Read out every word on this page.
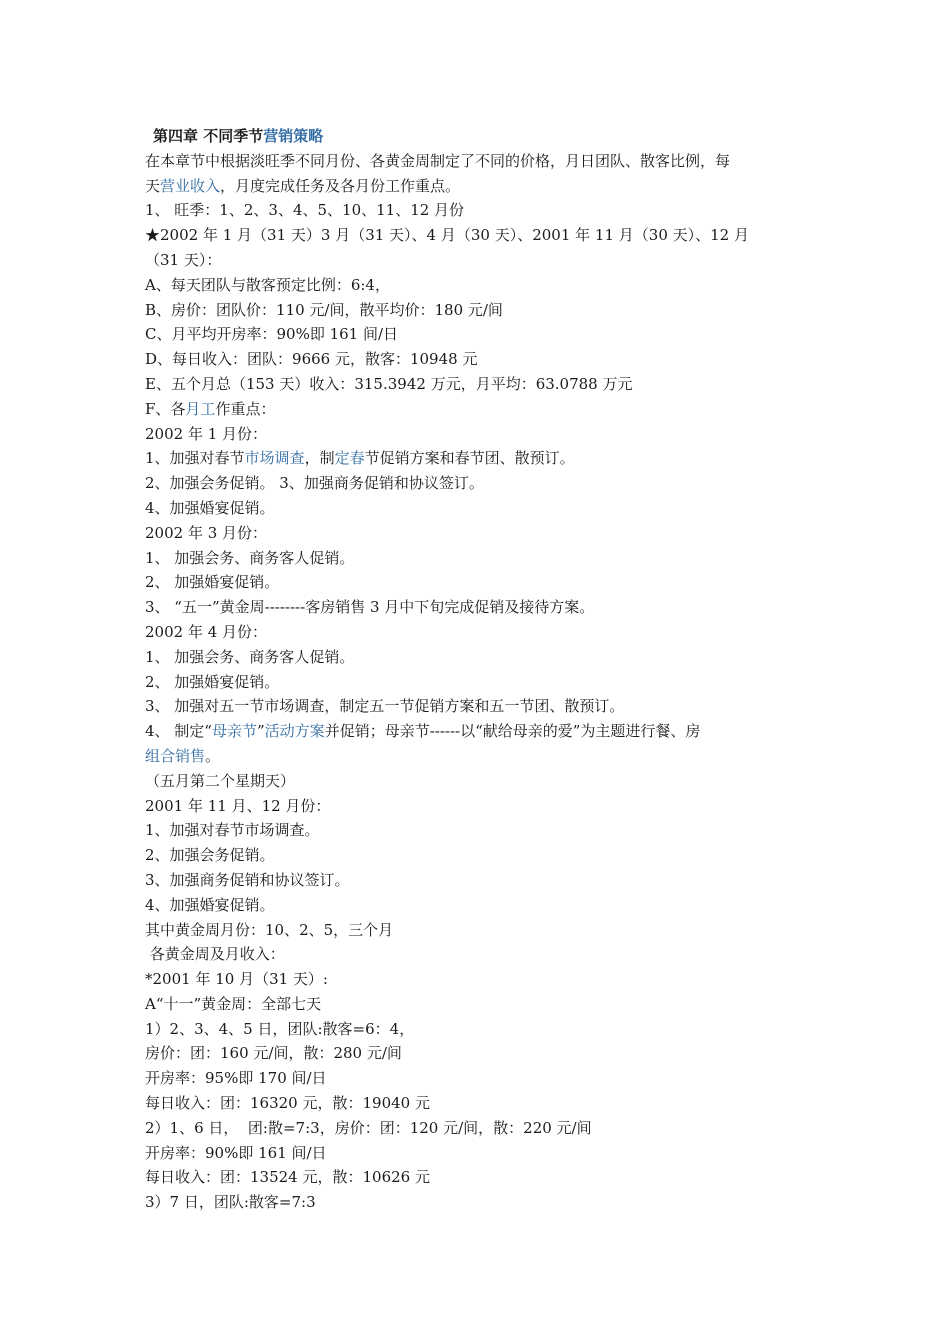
第四章 不同季节营销策略
在本章节中根据淡旺季不同月份、各黄金周制定了不同的价格，月日团队、散客比例，每
天营业收入，月度完成任务及各月份工作重点。
1、 旺季：1、2、3、4、5、10、11、12 月份
★2002 年 1 月（31 天）3 月（31 天）、4 月（30 天）、2001 年 11 月（30 天）、12 月
（31 天）：
A、每天团队与散客预定比例：6:4，
B、房价：团队价：110 元/间，散平均价：180 元/间
C、月平均开房率：90%即 161 间/日
D、每日收入：团队：9666 元，散客：10948 元
E、五个月总（153 天）收入：315.3942 万元，月平均：63.0788 万元
F、各月工作重点：
2002 年 1 月份：
1、加强对春节市场调查，制定春节促销方案和春节团、散预订。
2、加强会务促销。 3、加强商务促销和协议签订。
4、加强婚宴促销。
2002 年 3 月份：
1、 加强会务、商务客人促销。
2、 加强婚宴促销。
3、 “五一”黄金周--------客房销售 3 月中下旬完成促销及接待方案。
2002 年 4 月份：
1、 加强会务、商务客人促销。
2、 加强婚宴促销。
3、 加强对五一节市场调查，制定五一节促销方案和五一节团、散预订。
4、 制定“母亲节”活动方案并促销；母亲节------以“献给母亲的爱”为主题进行餐、房
组合销售。
（五月第二个星期天）
2001 年 11 月、12 月份：
1、加强对春节市场调查。
2、加强会务促销。
3、加强商务促销和协议签订。
4、加强婚宴促销。
其中黄金周月份：10、2、5，三个月
各黄金周及月收入：
*2001 年 10 月（31 天）:
A“十一”黄金周：全部七天
1）2、3、4、5 日，团队:散客=6：4，
房价：团：160 元/间，散：280 元/间
开房率：95%即 170 间/日
每日收入：团：16320 元，散：19040 元
2）1、6 日，  团:散=7:3，房价：团：120 元/间，散：220 元/间
开房率：90%即 161 间/日
每日收入：团：13524 元，散：10626 元
3）7 日，团队:散客=7:3
